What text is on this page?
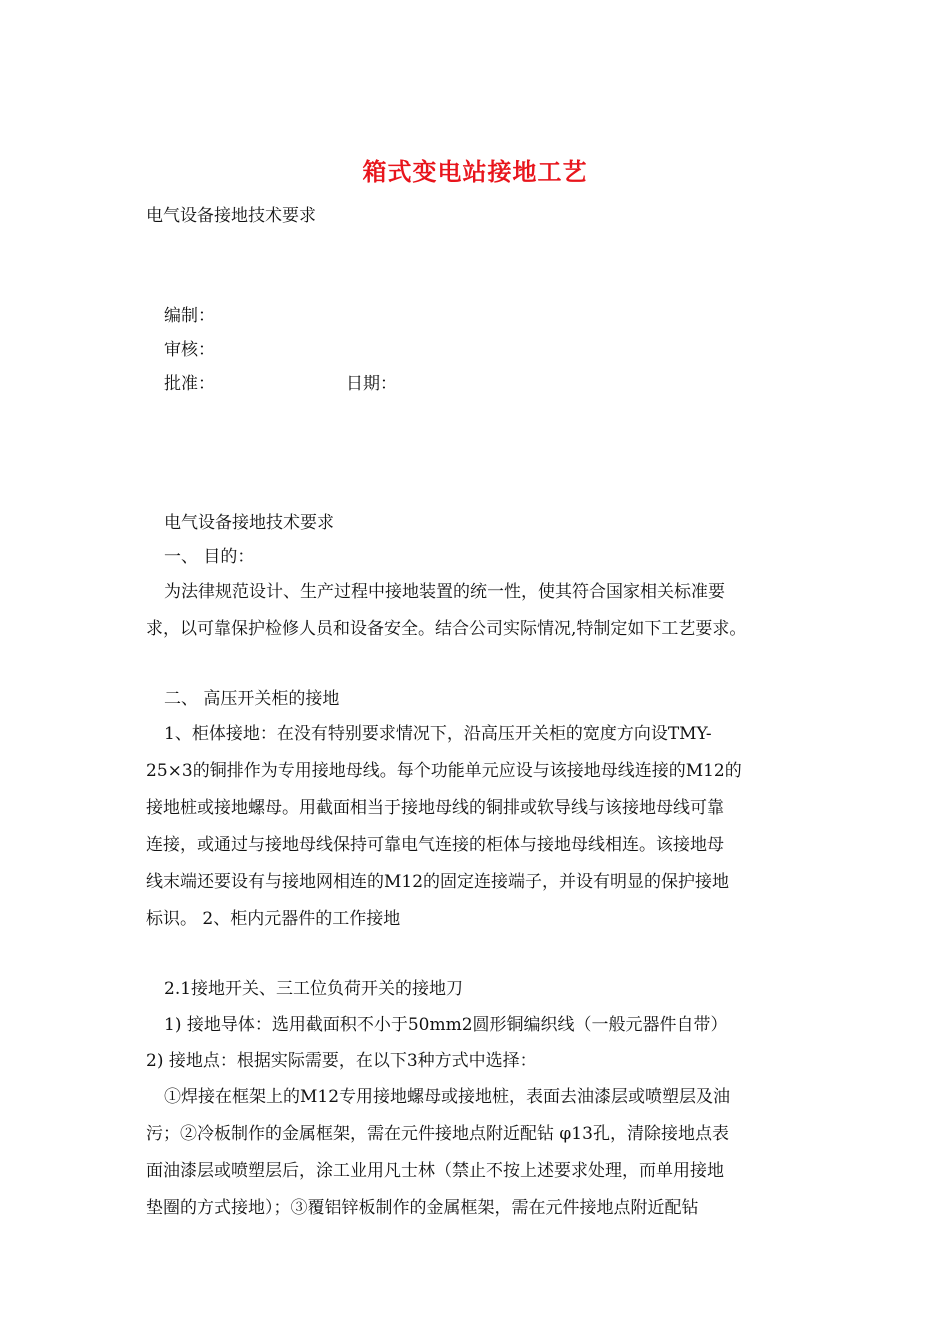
箱式变电站接地工艺
电气设备接地技术要求
编制：
审核：
批准：	日期：
电气设备接地技术要求
一、 目的：
为法律规范设计、生产过程中接地装置的统一性，使其符合国家相关标准要
求，以可靠保护检修人员和设备安全。结合公司实际情况,特制定如下工艺要求。
二、 高压开关柜的接地
1、柜体接地：在没有特别要求情况下，沿高压开关柜的宽度方向设TMY-
25×3的铜排作为专用接地母线。每个功能单元应设与该接地母线连接的M12的
接地桩或接地螺母。用截面相当于接地母线的铜排或软导线与该接地母线可靠
连接，或通过与接地母线保持可靠电气连接的柜体与接地母线相连。该接地母
线末端还要设有与接地网相连的M12的固定连接端子，并设有明显的保护接地
标识。 2、柜内元器件的工作接地
2.1接地开关、三工位负荷开关的接地刀
1) 接地导体：选用截面积不小于50mm2圆形铜编织线（一般元器件自带）
2) 接地点：根据实际需要，在以下3种方式中选择：
①焊接在框架上的M12专用接地螺母或接地桩，表面去油漆层或喷塑层及油
污；②冷板制作的金属框架，需在元件接地点附近配钻 φ13孔，清除接地点表
面油漆层或喷塑层后，涂工业用凡士林（禁止不按上述要求处理，而单用接地
垫圈的方式接地）；③覆铝锌板制作的金属框架，需在元件接地点附近配钻
